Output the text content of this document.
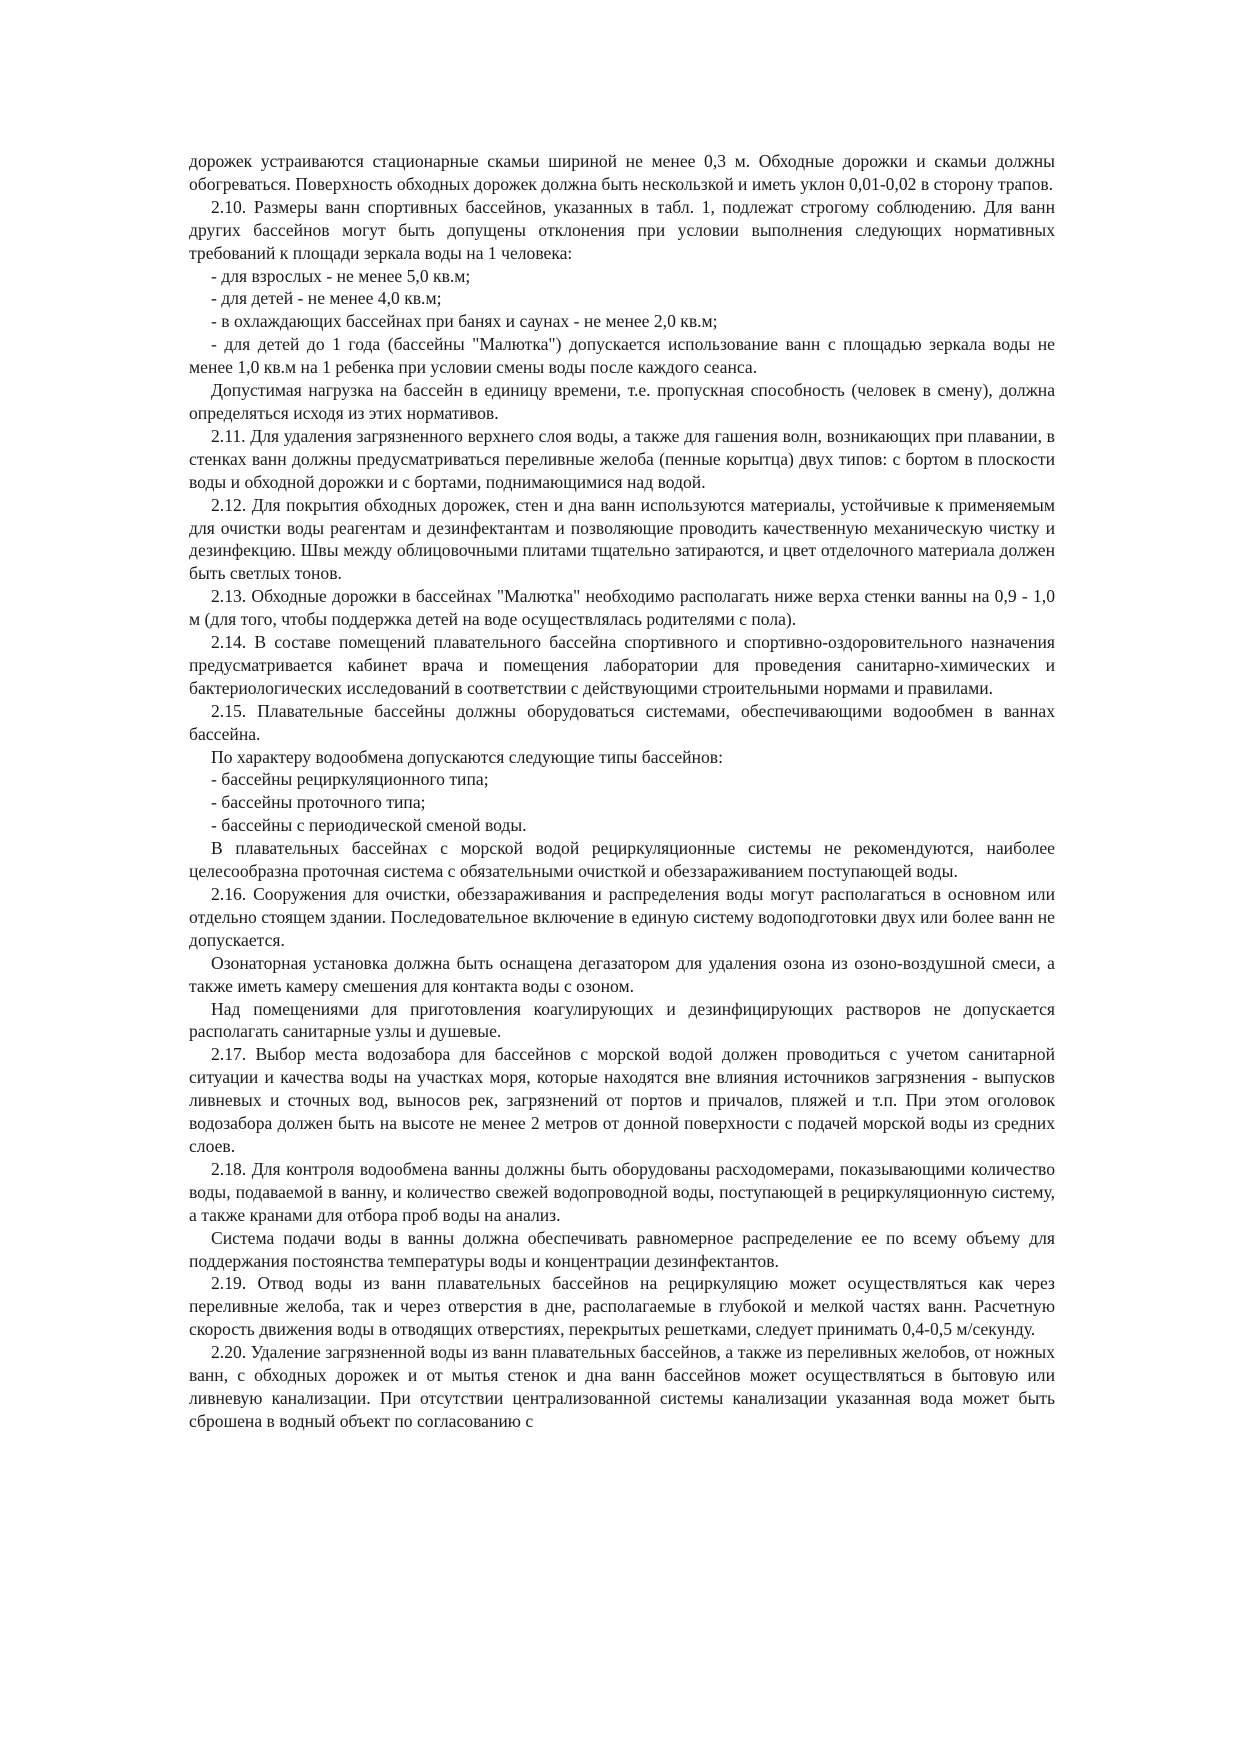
дорожек устраиваются стационарные скамьи шириной не менее 0,3 м. Обходные дорожки и скамьи должны обогреваться. Поверхность обходных дорожек должна быть нескользкой и иметь уклон 0,01-0,02 в сторону трапов.

2.10. Размеры ванн спортивных бассейнов, указанных в табл. 1, подлежат строгому соблюдению. Для ванн других бассейнов могут быть допущены отклонения при условии выполнения следующих нормативных требований к площади зеркала воды на 1 человека:

- для взрослых - не менее 5,0 кв.м;

- для детей - не менее 4,0 кв.м;

- в охлаждающих бассейнах при банях и саунах - не менее 2,0 кв.м;

- для детей до 1 года (бассейны "Малютка") допускается использование ванн с площадью зеркала воды не менее 1,0 кв.м на 1 ребенка при условии смены воды после каждого сеанса.

Допустимая нагрузка на бассейн в единицу времени, т.е. пропускная способность (человек в смену), должна определяться исходя из этих нормативов.

2.11. Для удаления загрязненного верхнего слоя воды, а также для гашения волн, возникающих при плавании, в стенках ванн должны предусматриваться переливные желоба (пенные корытца) двух типов: с бортом в плоскости воды и обходной дорожки и с бортами, поднимающимися над водой.

2.12. Для покрытия обходных дорожек, стен и дна ванн используются материалы, устойчивые к применяемым для очистки воды реагентам и дезинфектантам и позволяющие проводить качественную механическую чистку и дезинфекцию. Швы между облицовочными плитами тщательно затираются, и цвет отделочного материала должен быть светлых тонов.

2.13. Обходные дорожки в бассейнах "Малютка" необходимо располагать ниже верха стенки ванны на 0,9 - 1,0 м (для того, чтобы поддержка детей на воде осуществлялась родителями с пола).

2.14. В составе помещений плавательного бассейна спортивного и спортивно-оздоровительного назначения предусматривается кабинет врача и помещения лаборатории для проведения санитарно-химических и бактериологических исследований в соответствии с действующими строительными нормами и правилами.

2.15. Плавательные бассейны должны оборудоваться системами, обеспечивающими водообмен в ваннах бассейна.

По характеру водообмена допускаются следующие типы бассейнов:

- бассейны рециркуляционного типа;

- бассейны проточного типа;

- бассейны с периодической сменой воды.

В плавательных бассейнах с морской водой рециркуляционные системы не рекомендуются, наиболее целесообразна проточная система с обязательными очисткой и обеззараживанием поступающей воды.

2.16. Сооружения для очистки, обеззараживания и распределения воды могут располагаться в основном или отдельно стоящем здании. Последовательное включение в единую систему водоподготовки двух или более ванн не допускается.

Озонаторная установка должна быть оснащена дегазатором для удаления озона из озоно-воздушной смеси, а также иметь камеру смешения для контакта воды с озоном.

Над помещениями для приготовления коагулирующих и дезинфицирующих растворов не допускается располагать санитарные узлы и душевые.

2.17. Выбор места водозабора для бассейнов с морской водой должен проводиться с учетом санитарной ситуации и качества воды на участках моря, которые находятся вне влияния источников загрязнения - выпусков ливневых и сточных вод, выносов рек, загрязнений от портов и причалов, пляжей и т.п. При этом оголовок водозабора должен быть на высоте не менее 2 метров от донной поверхности с подачей морской воды из средних слоев.

2.18. Для контроля водообмена ванны должны быть оборудованы расходомерами, показывающими количество воды, подаваемой в ванну, и количество свежей водопроводной воды, поступающей в рециркуляционную систему, а также кранами для отбора проб воды на анализ.

Система подачи воды в ванны должна обеспечивать равномерное распределение ее по всему объему для поддержания постоянства температуры воды и концентрации дезинфектантов.

2.19. Отвод воды из ванн плавательных бассейнов на рециркуляцию может осуществляться как через переливные желоба, так и через отверстия в дне, располагаемые в глубокой и мелкой частях ванн. Расчетную скорость движения воды в отводящих отверстиях, перекрытых решетками, следует принимать 0,4-0,5 м/секунду.

2.20. Удаление загрязненной воды из ванн плавательных бассейнов, а также из переливных желобов, от ножных ванн, с обходных дорожек и от мытья стенок и дна ванн бассейнов может осуществляться в бытовую или ливневую канализации. При отсутствии централизованной системы канализации указанная вода может быть сброшена в водный объект по согласованию с
